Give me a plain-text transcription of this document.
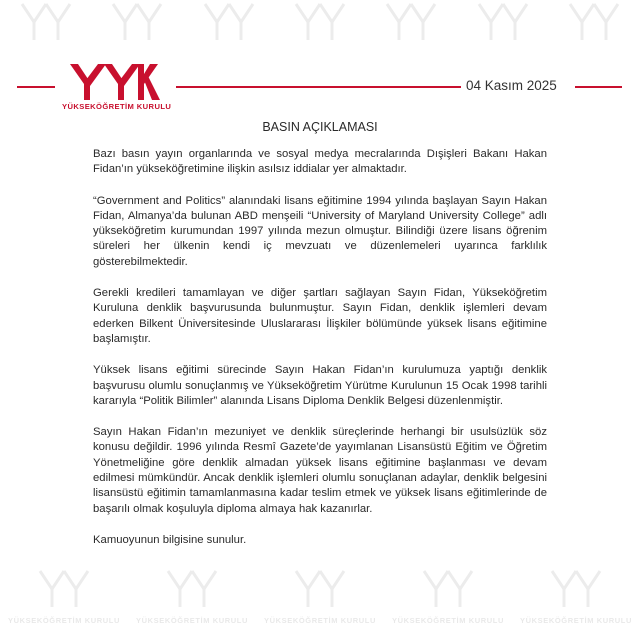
YÜKSEKÖĞRETİM KURULU
04 Kasım 2025
BASIN AÇIKLAMASI

Bazı basın yayın organlarında ve sosyal medya mecralarında Dışişleri Bakanı Hakan Fidan’ın yükseköğretimine ilişkin asılsız iddialar yer almaktadır.

“Government and Politics” alanındaki lisans eğitimine 1994 yılında başlayan Sayın Hakan Fidan, Almanya’da bulunan ABD menşeili “University of Maryland University College” adlı yükseköğretim kurumundan 1997 yılında mezun olmuştur. Bilindiği üzere lisans öğrenim süreleri her ülkenin kendi iç mevzuatı ve düzenlemeleri uyarınca farklılık gösterebilmektedir.

Gerekli kredileri tamamlayan ve diğer şartları sağlayan Sayın Fidan, Yükseköğretim Kuruluna denklik başvurusunda bulunmuştur. Sayın Fidan, denklik işlemleri devam ederken Bilkent Üniversitesinde Uluslararası İlişkiler bölümünde yüksek lisans eğitimine başlamıştır.

Yüksek lisans eğitimi sürecinde Sayın Hakan Fidan’ın kurulumuza yaptığı denklik başvurusu olumlu sonuçlanmış ve Yükseköğretim Yürütme Kurulunun 15 Ocak 1998 tarihli kararıyla “Politik Bilimler” alanında Lisans Diploma Denklik Belgesi düzenlenmiştir.

Sayın Hakan Fidan’ın mezuniyet ve denklik süreçlerinde herhangi bir usulsüzlük söz konusu değildir. 1996 yılında Resmî Gazete’de yayımlanan Lisansüstü Eğitim ve Öğretim Yönetmeliğine göre denklik almadan yüksek lisans eğitimine başlanması ve devam edilmesi mümkündür. Ancak denklik işlemleri olumlu sonuçlanan adaylar, denklik belgesini lisansüstü eğitimin tamamlanmasına kadar teslim etmek ve yüksek lisans eğitimlerinde de başarılı olmak koşuluyla diploma almaya hak kazanırlar.

Kamuoyunun bilgisine sunulur.

YÜKSEKÖĞRETİM KURULU YÜKSEKÖĞRETİM KURULU YÜKSEKÖĞRETİM KURULU YÜKSEKÖĞRETİM KURULU YÜKSEKÖĞRETİM KURULU
